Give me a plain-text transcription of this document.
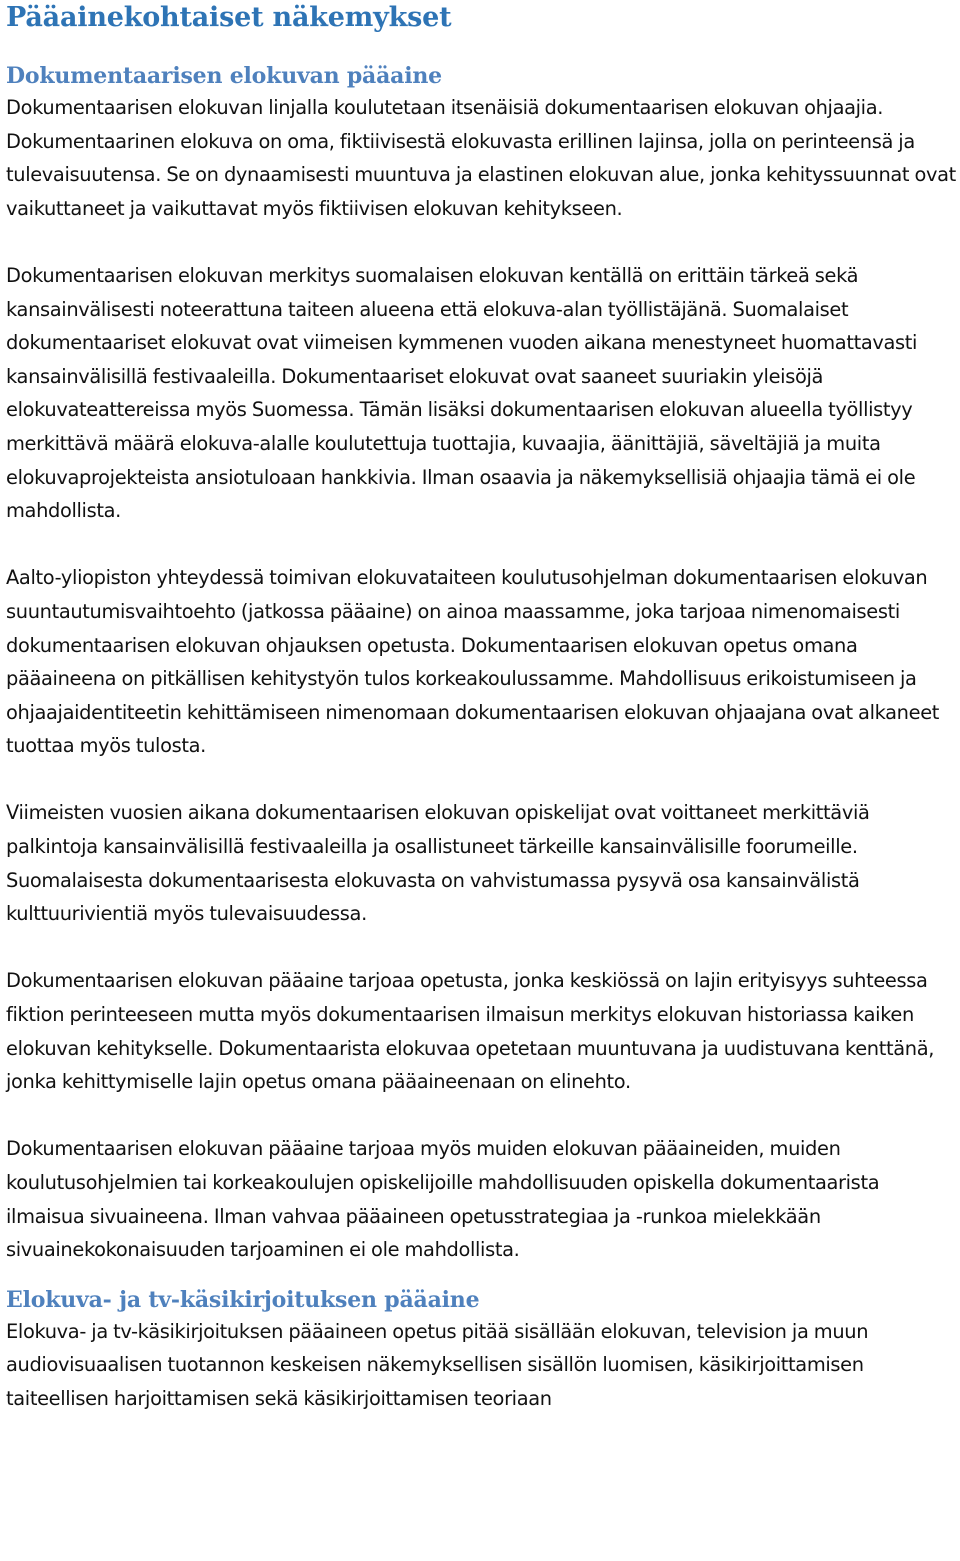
Pääainekohtaiset näkemykset
Dokumentaarisen elokuvan pääaine

Dokumentaarisen elokuvan linjalla koulutetaan itsenäisiä dokumentaarisen elokuvan ohjaajia. Dokumentaarinen elokuva on oma, fiktiivisestä elokuvasta erillinen lajinsa, jolla on perinteensä ja tulevaisuutensa. Se on dynaamisesti muuntuva ja elastinen elokuvan alue, jonka kehityssuunnat ovat vaikuttaneet ja vaikuttavat myös fiktiivisen elokuvan kehitykseen.

Dokumentaarisen elokuvan merkitys suomalaisen elokuvan kentällä on erittäin tärkeä sekä kansainvälisesti noteerattuna taiteen alueena että elokuva-alan työllistäjänä. Suomalaiset dokumentaariset elokuvat ovat viimeisen kymmenen vuoden aikana menestyneet huomattavasti kansainvälisillä festivaaleilla. Dokumentaariset elokuvat ovat saaneet suuriakin yleisöjä elokuvateattereissa myös Suomessa. Tämän lisäksi dokumentaarisen elokuvan alueella työllistyy merkittävä määrä elokuva-alalle koulutettuja tuottajia, kuvaajia, äänittäjiä, säveltäjiä ja muita elokuvaprojekteista ansiotuloaan hankkivia. Ilman osaavia ja näkemyksellisiä ohjaajia tämä ei ole mahdollista.

Aalto-yliopiston yhteydessä toimivan elokuvataiteen koulutusohjelman dokumentaarisen elokuvan suuntautumisvaihtoehto (jatkossa pääaine) on ainoa maassamme, joka tarjoaa nimenomaisesti dokumentaarisen elokuvan ohjauksen opetusta. Dokumentaarisen elokuvan opetus omana pääaineena on pitkällisen kehitystyön tulos korkeakoulussamme. Mahdollisuus erikoistumiseen ja ohjaajaidentiteetin kehittämiseen nimenomaan dokumentaarisen elokuvan ohjaajana ovat alkaneet tuottaa myös tulosta.

Viimeisten vuosien aikana dokumentaarisen elokuvan opiskelijat ovat voittaneet merkittäviä palkintoja kansainvälisillä festivaaleilla ja osallistuneet tärkeille kansainvälisille foorumeille. Suomalaisesta dokumentaarisesta elokuvasta on vahvistumassa pysyvä osa kansainvälistä kulttuurivientiä myös tulevaisuudessa.

Dokumentaarisen elokuvan pääaine tarjoaa opetusta, jonka keskiössä on lajin erityisyys suhteessa fiktion perinteeseen mutta myös dokumentaarisen ilmaisun merkitys elokuvan historiassa kaiken elokuvan kehitykselle. Dokumentaarista elokuvaa opetetaan muuntuvana ja uudistuvana kenttänä, jonka kehittymiselle lajin opetus omana pääaineenaan on elinehto.

Dokumentaarisen elokuvan pääaine tarjoaa myös muiden elokuvan pääaineiden, muiden koulutusohjelmien tai korkeakoulujen opiskelijoille mahdollisuuden opiskella dokumentaarista ilmaisua sivuaineena. Ilman vahvaa pääaineen opetusstrategiaa ja -runkoa mielekkään sivuainekokonaisuuden tarjoaminen ei ole mahdollista.

Elokuva- ja tv-käsikirjoituksen pääaine

Elokuva- ja tv-käsikirjoituksen pääaineen opetus pitää sisällään elokuvan, television ja muun audiovisuaalisen tuotannon keskeisen näkemyksellisen sisällön luomisen, käsikirjoittamisen taiteellisen harjoittamisen sekä käsikirjoittamisen teoriaan
